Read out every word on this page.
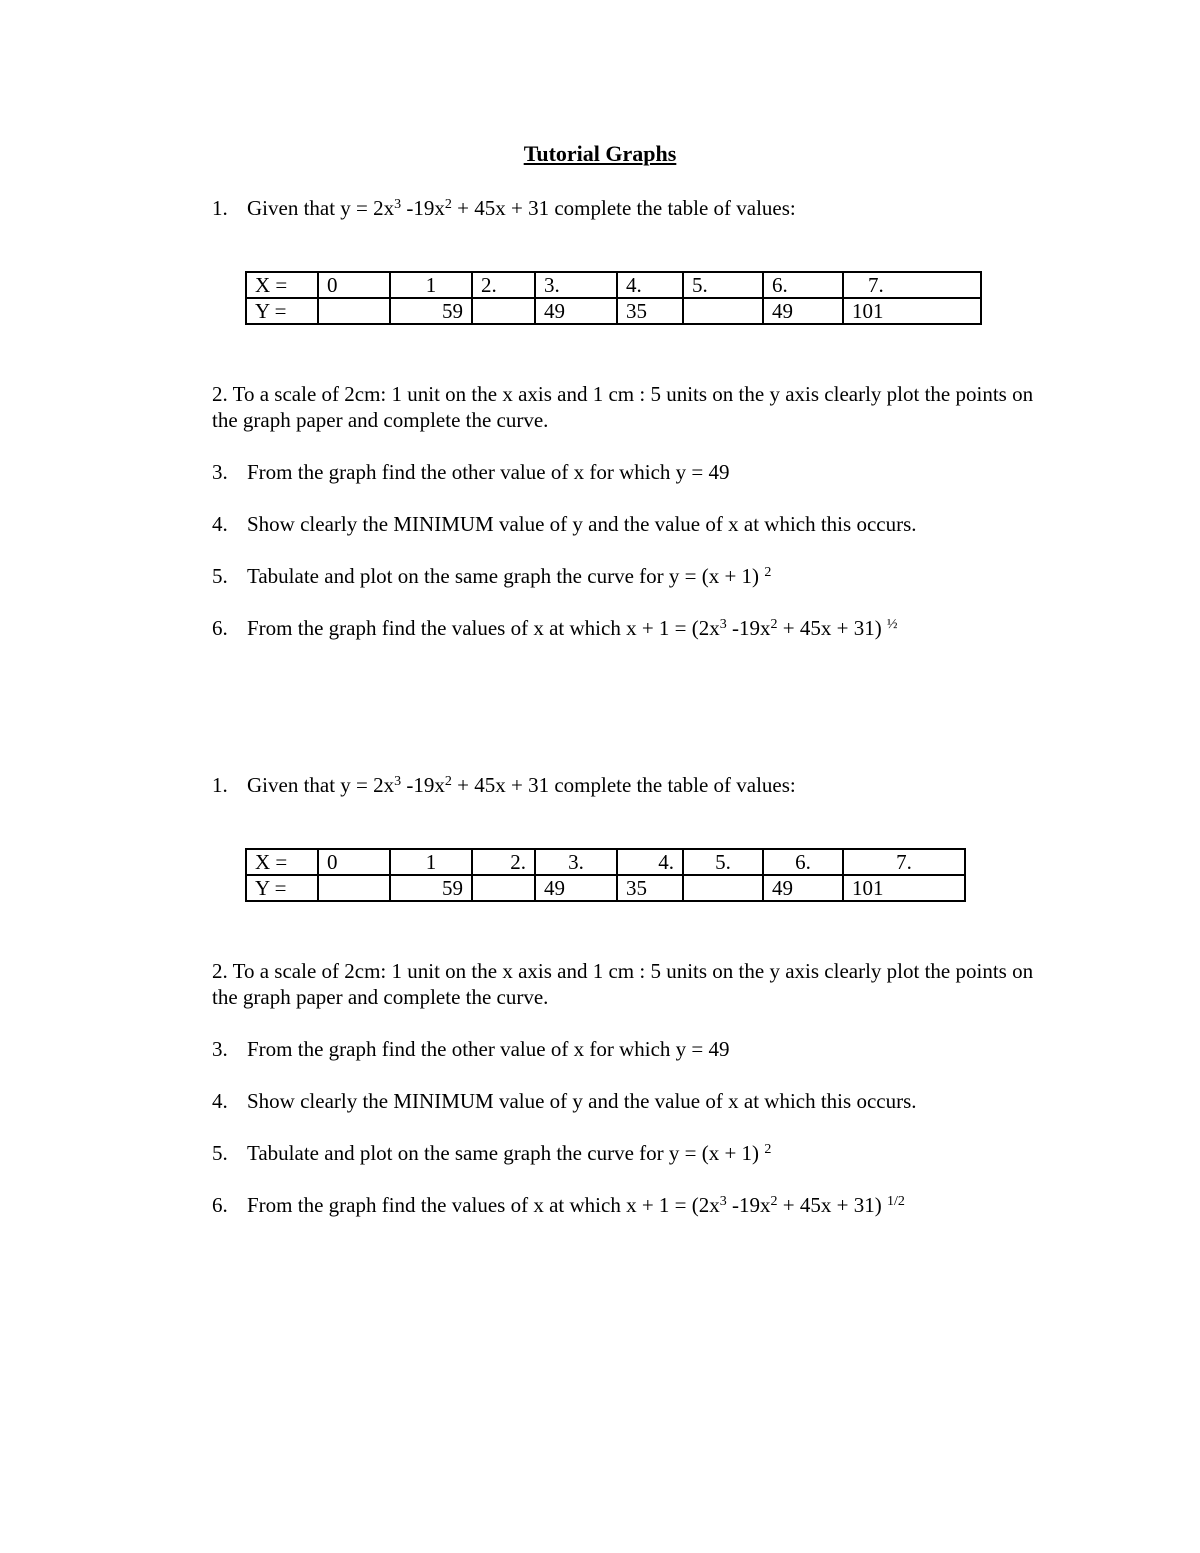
Tutorial Graphs
1. Given that $y = 2x^3$ $-19x^2 + 45x + 31$ complete the table of values:
X =	0	1	2.	3.	4.	5.	6.	7.
Y =		59		49	35		49	101
2. To a scale of 2cm: 1 unit on the x axis and 1 cm : 5 units on the y axis clearly plot the points on the graph paper and complete the curve.
3. From the graph find the other value of x for which y = 49
4. Show clearly the MINIMUM value of y and the value of x at which this occurs.
5. Tabulate and plot on the same graph the curve for y = (x + 1) $^2$
6. From the graph find the values of x at which $x + 1 = (2x^3$ $-19x^2 + 45x + 31$) $^{\frac{1}{2}}$
1. Given that $y = 2x^3$ $-19x^2 + 45x + 31$ complete the table of values:
X =	0	1	2.	3.	4.	5.	6.	7.
Y =		59		49	35		49	101
2. To a scale of 2cm: 1 unit on the x axis and 1 cm : 5 units on the y axis clearly plot the points on the graph paper and complete the curve.
3. From the graph find the other value of x for which y = 49
4. Show clearly the MINIMUM value of y and the value of x at which this occurs.
5. Tabulate and plot on the same graph the curve for y = (x + 1) $^2$
6. From the graph find the values of x at which $x + 1 = (2x^3$ $-19x^2 + 45x + 31$) $^{1/2}$
